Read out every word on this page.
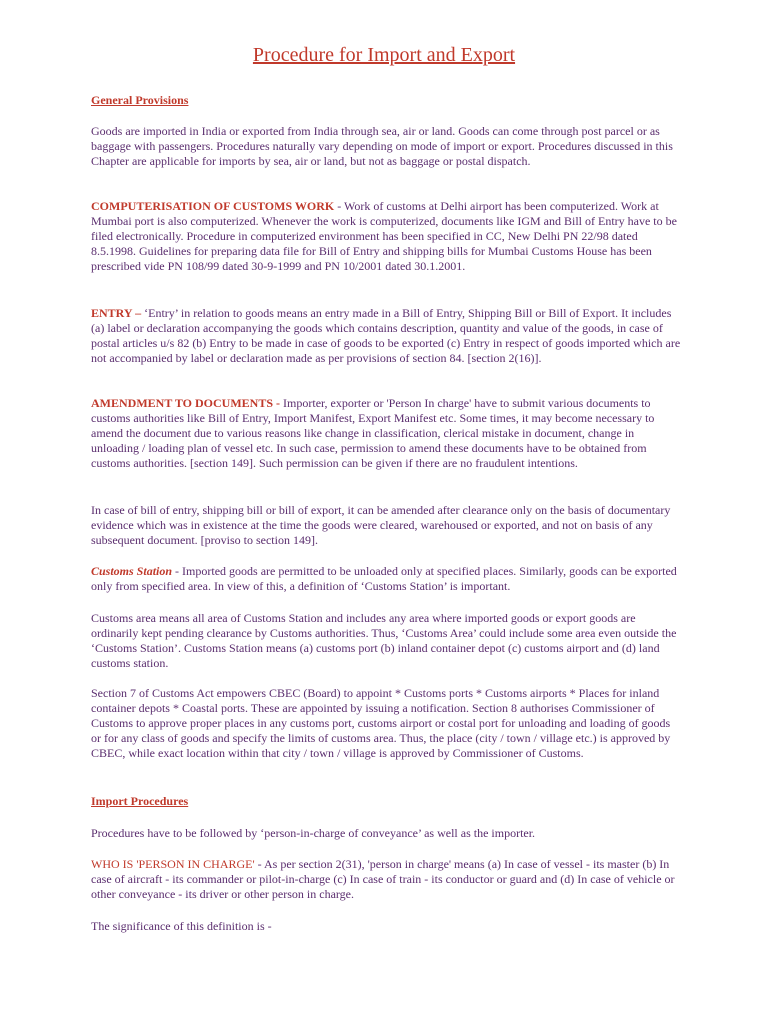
Procedure for Import and Export

General Provisions

Goods are imported in India or exported from India through sea, air or land. Goods can come through post parcel or as baggage with passengers. Procedures naturally vary depending on mode of import or export. Procedures discussed in this Chapter are applicable for imports by sea, air or land, but not as baggage or postal dispatch.

COMPUTERISATION OF CUSTOMS WORK - Work of customs at Delhi airport has been computerized. Work at Mumbai port is also computerized. Whenever the work is computerized, documents like IGM and Bill of Entry have to be filed electronically. Procedure in computerized environment has been specified in CC, New Delhi PN 22/98 dated 8.5.1998. Guidelines for preparing data file for Bill of Entry and shipping bills for Mumbai Customs House has been prescribed vide PN 108/99 dated 30-9-1999 and PN 10/2001 dated 30.1.2001.

ENTRY – ‘Entry’ in relation to goods means an entry made in a Bill of Entry, Shipping Bill or Bill of Export. It includes (a) label or declaration accompanying the goods which contains description, quantity and value of the goods, in case of postal articles u/s 82 (b) Entry to be made in case of goods to be exported (c) Entry in respect of goods imported which are not accompanied by label or declaration made as per provisions of section 84. [section 2(16)].

AMENDMENT TO DOCUMENTS - Importer, exporter or 'Person In charge' have to submit various documents to customs authorities like Bill of Entry, Import Manifest, Export Manifest etc. Some times, it may become necessary to amend the document due to various reasons like change in classification, clerical mistake in document, change in unloading / loading plan of vessel etc. In such case, permission to amend these documents have to be obtained from customs authorities. [section 149]. Such permission can be given if there are no fraudulent intentions.

In case of bill of entry, shipping bill or bill of export, it can be amended after clearance only on the basis of documentary evidence which was in existence at the time the goods were cleared, warehoused or exported, and not on basis of any subsequent document. [proviso to section 149].

Customs Station - Imported goods are permitted to be unloaded only at specified places. Similarly, goods can be exported only from specified area. In view of this, a definition of ‘Customs Station’ is important.

Customs area means all area of Customs Station and includes any area where imported goods or export goods are ordinarily kept pending clearance by Customs authorities. Thus, ‘Customs Area’ could include some area even outside the ‘Customs Station’. Customs Station means (a) customs port (b) inland container depot (c) customs airport and (d) land customs station.

Section 7 of Customs Act empowers CBEC (Board) to appoint * Customs ports * Customs airports * Places for inland container depots * Coastal ports. These are appointed by issuing a notification. Section 8 authorises Commissioner of Customs to approve proper places in any customs port, customs airport or costal port for unloading and loading of goods or for any class of goods and specify the limits of customs area. Thus, the place (city / town / village etc.) is approved by CBEC, while exact location within that city / town / village is approved by Commissioner of Customs.

Import Procedures

Procedures have to be followed by ‘person-in-charge of conveyance’ as well as the importer.

WHO IS 'PERSON IN CHARGE' - As per section 2(31), 'person in charge' means (a) In case of vessel - its master (b) In case of aircraft - its commander or pilot-in-charge (c) In case of train - its conductor or guard and (d) In case of vehicle or other conveyance - its driver or other person in charge.

The significance of this definition is -
